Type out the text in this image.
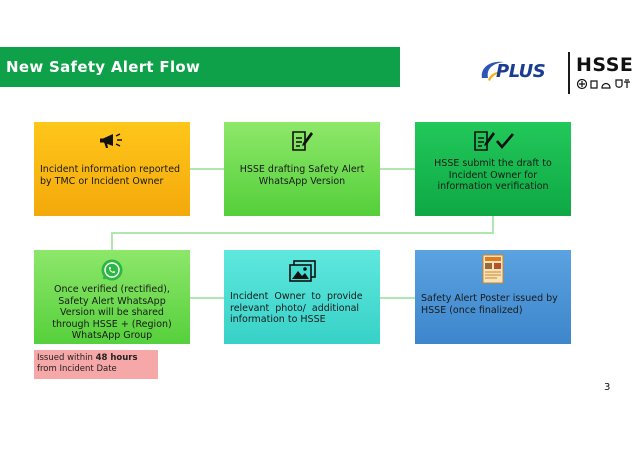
New Safety Alert Flow	PLUS HSSE
Incident information reported
by TMC or Incident Owner
HSSE drafting Safety Alert
WhatsApp Version
HSSE submit the draft to
Incident Owner for
information verification
Once verified (rectified),
Safety Alert WhatsApp
Version will be shared
through HSSE + (Region)
WhatsApp Group
Incident  Owner  to  provide
relevant  photo/  additional
information to HSSE
Safety Alert Poster issued by
HSSE (once finalized)
Issued within 48 hours
from Incident Date
3
